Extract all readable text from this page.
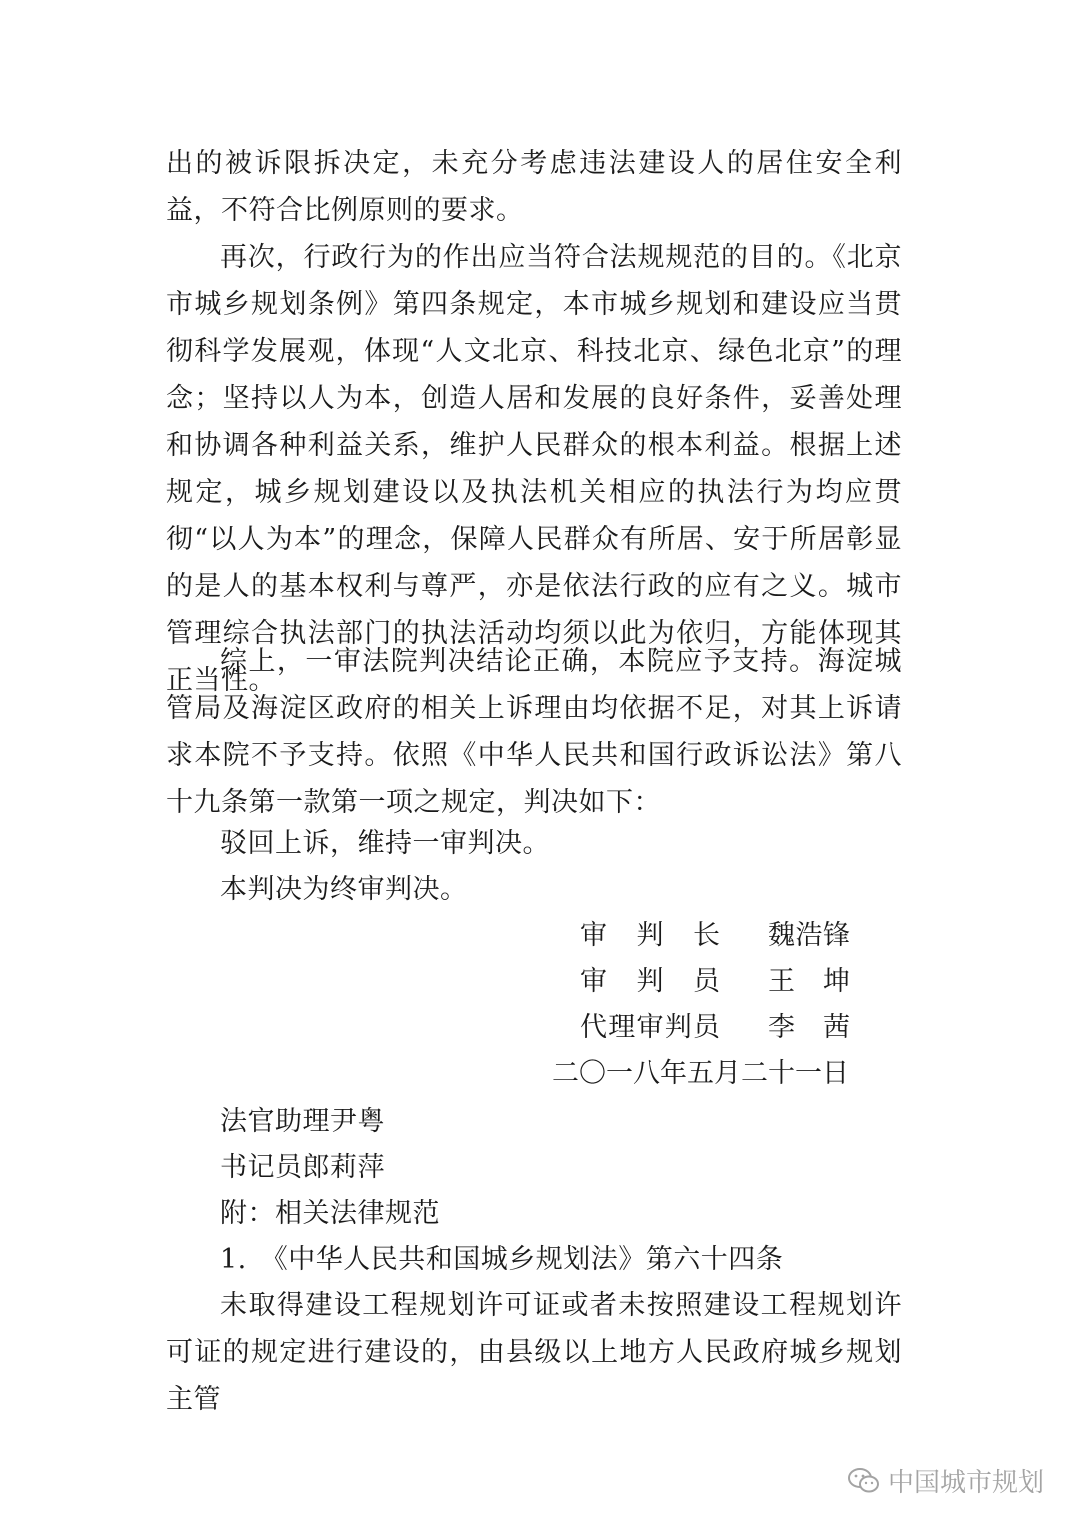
出的被诉限拆决定，未充分考虑违法建设人的居住安全利益，不符合比例原则的要求。

再次，行政行为的作出应当符合法规规范的目的。《北京市城乡规划条例》第四条规定，本市城乡规划和建设应当贯彻科学发展观，体现“人文北京、科技北京、绿色北京”的理念；坚持以人为本，创造人居和发展的良好条件，妥善处理和协调各种利益关系，维护人民群众的根本利益。根据上述规定，城乡规划建设以及执法机关相应的执法行为均应贯彻“以人为本”的理念，保障人民群众有所居、安于所居彰显的是人的基本权利与尊严，亦是依法行政的应有之义。城市管理综合执法部门的执法活动均须以此为依归，方能体现其正当性。

综上，一审法院判决结论正确，本院应予支持。海淀城管局及海淀区政府的相关上诉理由均依据不足，对其上诉请求本院不予支持。依照《中华人民共和国行政诉讼法》第八十九条第一款第一项之规定，判决如下：

驳回上诉，维持一审判决。

本判决为终审判决。

审判长 魏浩锋
审判员 王坤
代理审判员 李茜
二〇一八年五月二十一日

法官助理尹粤

书记员郎莉萍

附：相关法律规范

1.　《中华人民共和国城乡规划法》第六十四条

未取得建设工程规划许可证或者未按照建设工程规划许可证的规定进行建设的，由县级以上地方人民政府城乡规划主管

中国城市规划
